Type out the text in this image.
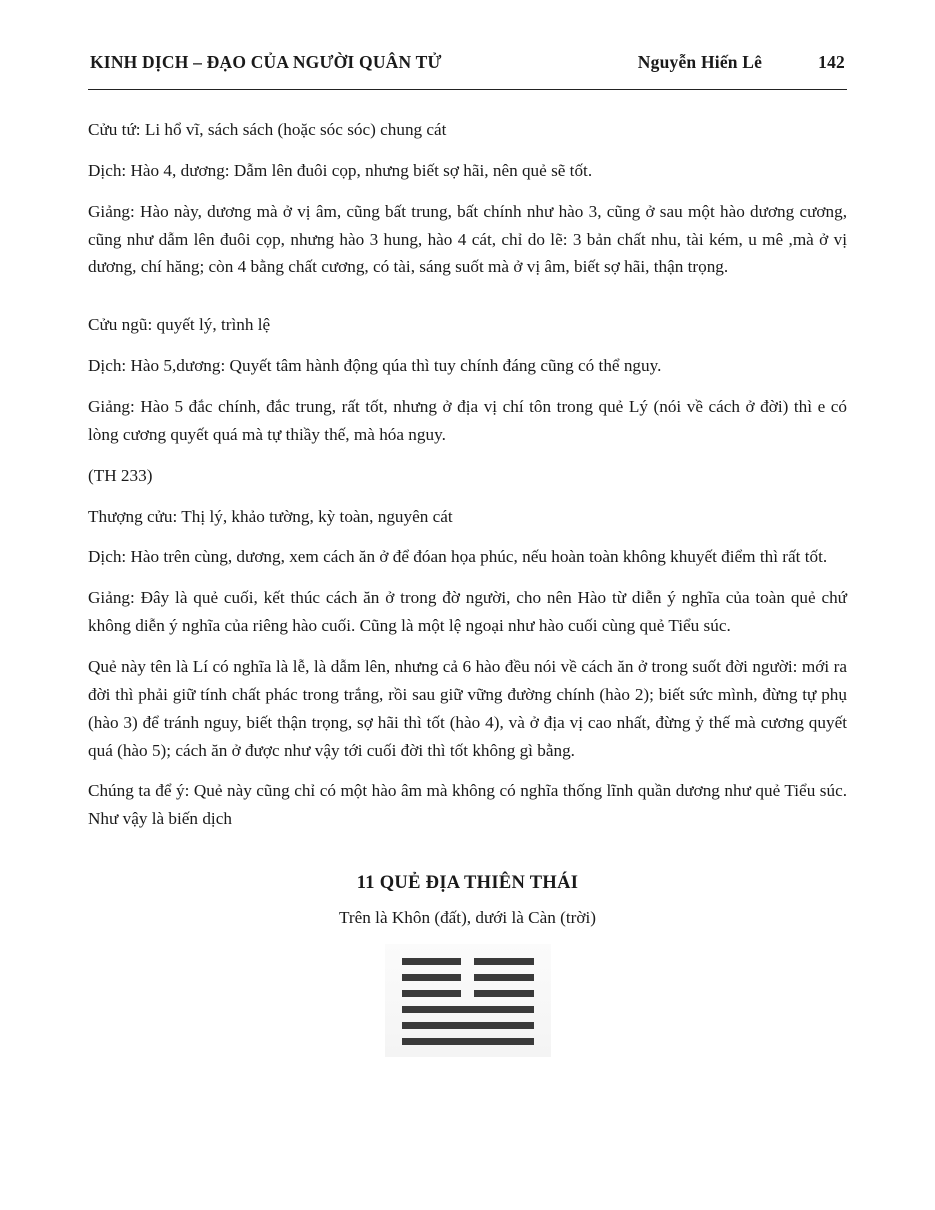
KINH DỊCH – ĐẠO CỦA NGƯỜI QUÂN TỬ	Nguyễn Hiến Lê	142

Cửu tứ: Li hổ vĩ, sách sách (hoặc sóc sóc) chung cát

Dịch: Hào 4, dương: Dẫm lên đuôi cọp, nhưng biết sợ hãi, nên quẻ sẽ tốt.

Giảng: Hào này, dương mà ở vị âm, cũng bất trung, bất chính như hào 3, cũng ở sau một hào dương cương, cũng như dẫm lên đuôi cọp, nhưng hào 3 hung, hào 4 cát, chỉ do lẽ: 3 bản chất nhu, tài kém, u mê ,mà ở vị dương, chí hăng; còn 4 bằng chất cương, có tài, sáng suốt mà ở vị âm, biết sợ hãi, thận trọng.

Cửu ngũ: quyết lý, trình lệ

Dịch: Hào 5,dương: Quyết tâm hành động qúa thì tuy chính đáng cũng có thể nguy.

Giảng: Hào 5 đắc chính, đắc trung, rất tốt, nhưng ở địa vị chí tôn trong quẻ Lý (nói về cách ở đời) thì e có lòng cương quyết quá mà tự thiầy thế, mà hóa nguy.

(TH 233)

Thượng cửu: Thị lý, khảo tường, kỳ toàn, nguyên cát

Dịch: Hào trên cùng, dương, xem cách ăn ở để đóan họa phúc, nếu hoàn toàn không khuyết điểm thì rất tốt.

Giảng: Đây là quẻ cuối, kết thúc cách ăn ở trong đờ người, cho nên Hào từ diễn ý nghĩa của toàn quẻ chứ không diễn ý nghĩa của riêng hào cuối. Cũng là một lệ ngoại như hào cuối cùng quẻ Tiểu súc.

Quẻ này tên là Lí có nghĩa là lễ, là dẫm lên, nhưng cả 6 hào đều nói về cách ăn ở trong suốt đời người: mới ra đời thì phải giữ tính chất phác trong trắng, rồi sau giữ vững đường chính (hào 2); biết sức mình, đừng tự phụ (hào 3) để tránh nguy, biết thận trọng, sợ hãi thì tốt (hào 4), và ở địa vị cao nhất, đừng ỷ thế mà cương quyết quá (hào 5); cách ăn ở được như vậy tới cuối đời thì tốt không gì bằng.

Chúng ta để ý: Quẻ này cũng chỉ có một hào âm mà không có nghĩa thống lĩnh quần dương như quẻ Tiểu súc. Như vậy là biến dịch

11 QUẺ ĐỊA THIÊN THÁI
Trên là Khôn (đất), dưới là Càn (trời)
